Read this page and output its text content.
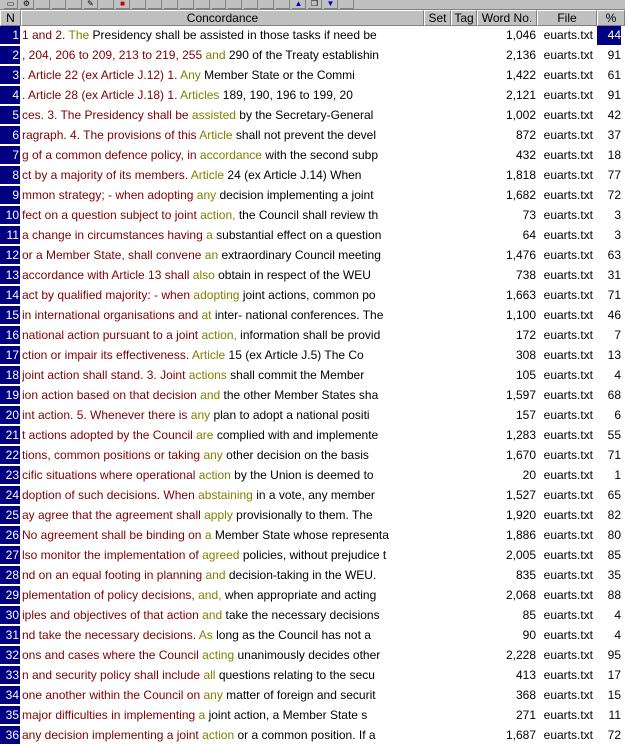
▭	⚙	✎	■	▲	❐	▼
N	Concordance	Set Tag Word No.	File	%
1 1 and 2. The Presidency shall be assisted in those tasks if need be	1,046 euarts.txt	44
2 , 204, 206 to 209, 213 to 219, 255 and 290 of the Treaty establishin	2,136 euarts.txt	91
3 . Article 22 (ex Article J.12) 1. Any Member State or the Commi	1,422 euarts.txt	61
4 . Article 28 (ex Article J.18) 1. Articles 189, 190, 196 to 199, 20	2,121 euarts.txt	91
5 ces. 3. The Presidency shall be assisted by the Secretary-General	1,002 euarts.txt	42
6 ragraph. 4. The provisions of this Article shall not prevent the devel	872 euarts.txt	37
7 g of a common defence policy, in accordance with the second subp	432 euarts.txt	18
8 ct by a majority of its members. Article 24 (ex Article J.14) When	1,818 euarts.txt	77
9 mmon strategy; - when adopting any decision implementing a joint	1,682 euarts.txt	72
10 fect on a question subject to joint action, the Council shall review th	73 euarts.txt	3
11 a change in circumstances having a substantial effect on a question	64 euarts.txt	3
12 or a Member State, shall convene an extraordinary Council meeting	1,476 euarts.txt	63
13 accordance with Article 13 shall also obtain in respect of the WEU	738 euarts.txt	31
14 act by qualified majority: - when adopting joint actions, common po	1,663 euarts.txt	71
15 in international organisations and at inter- national conferences. The	1,100 euarts.txt	46
16 national action pursuant to a joint action, information shall be provid	172 euarts.txt	7
17 ction or impair its effectiveness. Article 15 (ex Article J.5) The Co	308 euarts.txt	13
18 joint action shall stand. 3. Joint actions shall commit the Member	105 euarts.txt	4
19 ion action based on that decision and the other Member States sha	1,597 euarts.txt	68
20 int action. 5. Whenever there is any plan to adopt a national positi	157 euarts.txt	6
21 t actions adopted by the Council are complied with and implemente	1,283 euarts.txt	55
22 tions, common positions or taking any other decision on the basis	1,670 euarts.txt	71
23 cific situations where operational action by the Union is deemed to	20 euarts.txt	1
24 doption of such decisions. When abstaining in a vote, any member	1,527 euarts.txt	65
25 ay agree that the agreement shall apply provisionally to them. The	1,920 euarts.txt	82
26 No agreement shall be binding on a Member State whose representa	1,886 euarts.txt	80
27 lso monitor the implementation of agreed policies, without prejudice t	2,005 euarts.txt	85
28 nd on an equal footing in planning and decision-taking in the WEU.	835 euarts.txt	35
29 plementation of policy decisions, and, when appropriate and acting	2,068 euarts.txt	88
30 iples and objectives of that action and take the necessary decisions	85 euarts.txt	4
31 nd take the necessary decisions. As long as the Council has not a	90 euarts.txt	4
32 ons and cases where the Council acting unanimously decides other	2,228 euarts.txt	95
33 n and security policy shall include all questions relating to the secu	413 euarts.txt	17
34 one another within the Council on any matter of foreign and securit	368 euarts.txt	15
35 major difficulties in implementing a joint action, a Member State s	271 euarts.txt	11
36 any decision implementing a joint action or a common position. If a	1,687 euarts.txt	72
